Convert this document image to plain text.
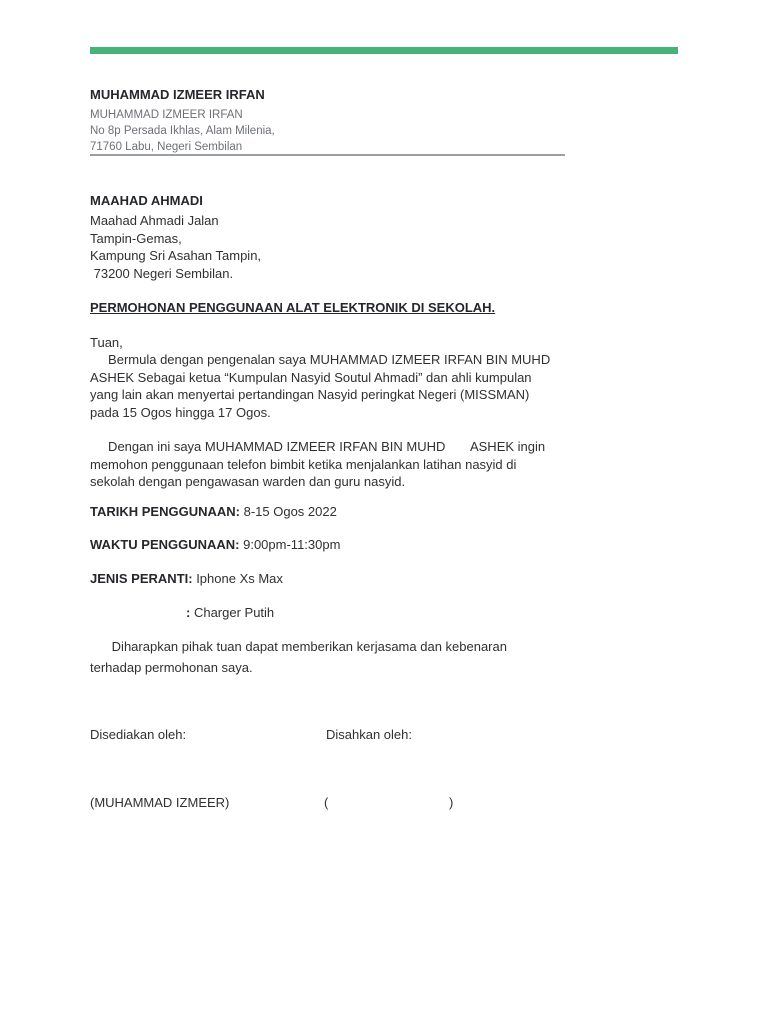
MUHAMMAD IZMEER IRFAN
MUHAMMAD IZMEER IRFAN
No 8p Persada Ikhlas, Alam Milenia,
71760 Labu, Negeri Sembilan
MAAHAD AHMADI
Maahad Ahmadi Jalan
Tampin-Gemas,
Kampung Sri Asahan Tampin,
73200 Negeri Sembilan.
PERMOHONAN PENGGUNAAN ALAT ELEKTRONIK DI SEKOLAH.
Tuan,
Bermula dengan pengenalan saya MUHAMMAD IZMEER IRFAN BIN MUHD
ASHEK Sebagai ketua “Kumpulan Nasyid Soutul Ahmadi” dan ahli kumpulan
yang lain akan menyertai pertandingan Nasyid peringkat Negeri (MISSMAN)
pada 15 Ogos hingga 17 Ogos.
Dengan ini saya MUHAMMAD IZMEER IRFAN BIN MUHD       ASHEK ingin
memohon penggunaan telefon bimbit ketika menjalankan latihan nasyid di
sekolah dengan pengawasan warden dan guru nasyid.
TARIKH PENGGUNAAN: 8-15 Ogos 2022
WAKTU PENGGUNAAN: 9:00pm-11:30pm
JENIS PERANTI: Iphone Xs Max
: Charger Putih
Diharapkan pihak tuan dapat memberikan kerjasama dan kebenaran
terhadap permohonan saya.
Disediakan oleh:	Disahkan oleh:
(MUHAMMAD IZMEER)	(	)
